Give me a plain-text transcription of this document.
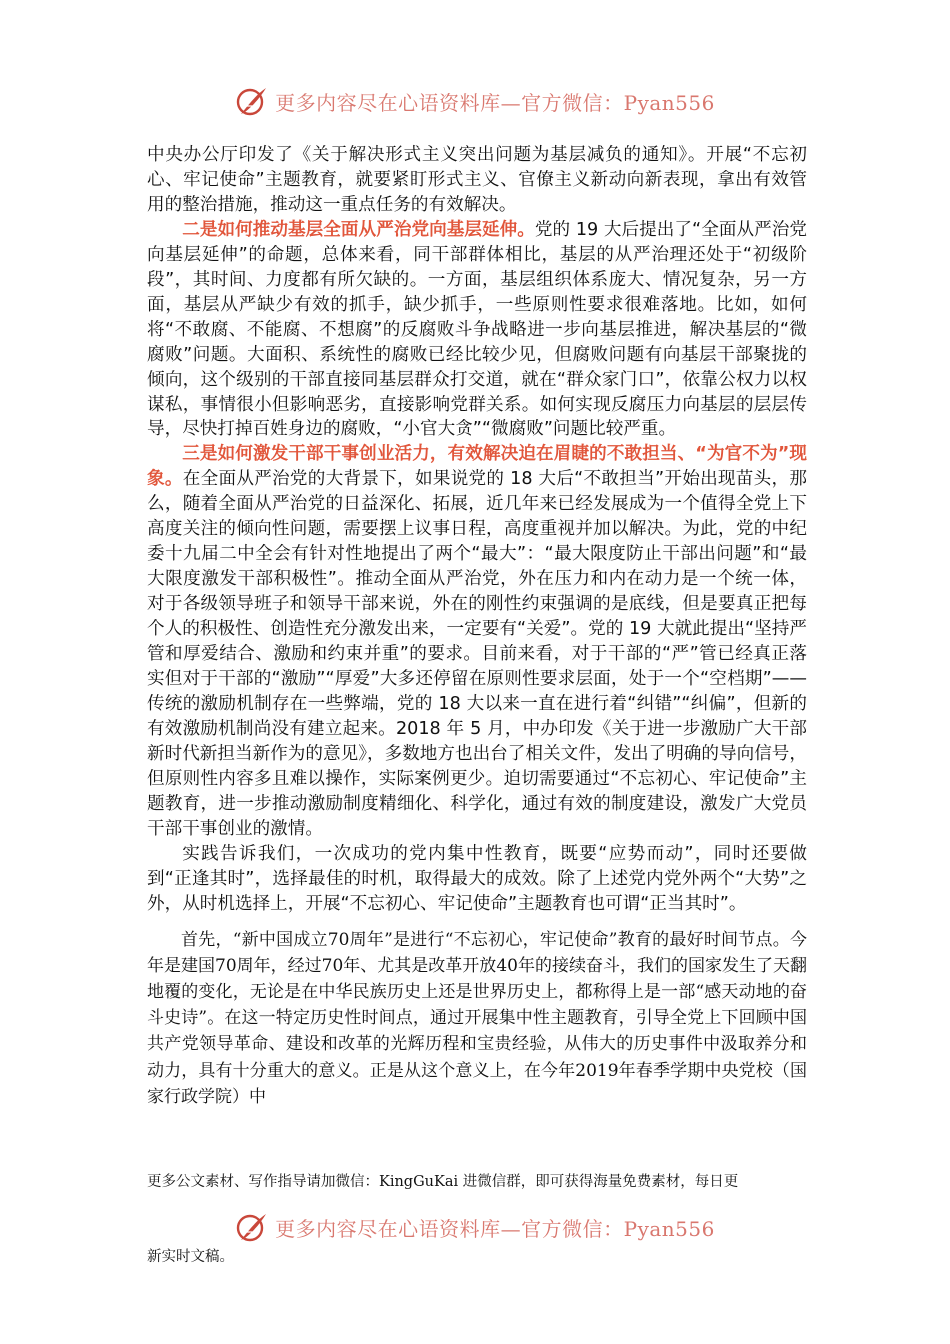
更多内容尽在心语资料库—官方微信：Pyan556

中央办公厅印发了《关于解决形式主义突出问题为基层减负的通知》。开展“不忘初心、牢记使命”主题教育，就要紧盯形式主义、官僚主义新动向新表现，拿出有效管用的整治措施，推动这一重点任务的有效解决。

二是如何推动基层全面从严治党向基层延伸。党的 19 大后提出了“全面从严治党向基层延伸”的命题，总体来看，同干部群体相比，基层的从严治理还处于“初级阶段”，其时间、力度都有所欠缺的。一方面，基层组织体系庞大、情况复杂，另一方面，基层从严缺少有效的抓手，缺少抓手，一些原则性要求很难落地。比如，如何将“不敢腐、不能腐、不想腐”的反腐败斗争战略进一步向基层推进，解决基层的“微腐败”问题。大面积、系统性的腐败已经比较少见，但腐败问题有向基层干部聚拢的倾向，这个级别的干部直接同基层群众打交道，就在“群众家门口”，依靠公权力以权谋私，事情很小但影响恶劣，直接影响党群关系。如何实现反腐压力向基层的层层传导，尽快打掉百姓身边的腐败，“小官大贪”“微腐败”问题比较严重。

三是如何激发干部干事创业活力，有效解决迫在眉睫的不敢担当、“为官不为”现象。在全面从严治党的大背景下，如果说党的 18 大后“不敢担当”开始出现苗头，那么，随着全面从严治党的日益深化、拓展，近几年来已经发展成为一个值得全党上下高度关注的倾向性问题，需要摆上议事日程，高度重视并加以解决。为此，党的中纪委十九届二中全会有针对性地提出了两个“最大”：“最大限度防止干部出问题”和“最大限度激发干部积极性”。推动全面从严治党，外在压力和内在动力是一个统一体，对于各级领导班子和领导干部来说，外在的刚性约束强调的是底线，但是要真正把每个人的积极性、创造性充分激发出来，一定要有“关爱”。党的 19 大就此提出“坚持严管和厚爱结合、激励和约束并重”的要求。目前来看，对于干部的“严”管已经真正落实但对于干部的“激励”“厚爱”大多还停留在原则性要求层面，处于一个“空档期”——传统的激励机制存在一些弊端，党的 18 大以来一直在进行着“纠错”“纠偏”，但新的有效激励机制尚没有建立起来。2018 年 5 月，中办印发《关于进一步激励广大干部新时代新担当新作为的意见》，多数地方也出台了相关文件，发出了明确的导向信号，但原则性内容多且难以操作，实际案例更少。迫切需要通过“不忘初心、牢记使命”主题教育，进一步推动激励制度精细化、科学化，通过有效的制度建设，激发广大党员干部干事创业的激情。

实践告诉我们，一次成功的党内集中性教育，既要“应势而动”，同时还要做到“正逢其时”，选择最佳的时机，取得最大的成效。除了上述党内党外两个“大势”之外，从时机选择上，开展“不忘初心、牢记使命”主题教育也可谓“正当其时”。

首先，“新中国成立70周年”是进行“不忘初心，牢记使命”教育的最好时间节点。今年是建国70周年，经过70年、尤其是改革开放40年的接续奋斗，我们的国家发生了天翻地覆的变化，无论是在中华民族历史上还是世界历史上，都称得上是一部“感天动地的奋斗史诗”。在这一特定历史性时间点，通过开展集中性主题教育，引导全党上下回顾中国共产党领导革命、建设和改革的光辉历程和宝贵经验，从伟大的历史事件中汲取养分和动力，具有十分重大的意义。正是从这个意义上，在今年2019年春季学期中央党校（国家行政学院）中

更多公文素材、写作指导请加微信：KingGuKai 进微信群，即可获得海量免费素材，每日更
更多内容尽在心语资料库—官方微信：Pyan556
新实时文稿。
